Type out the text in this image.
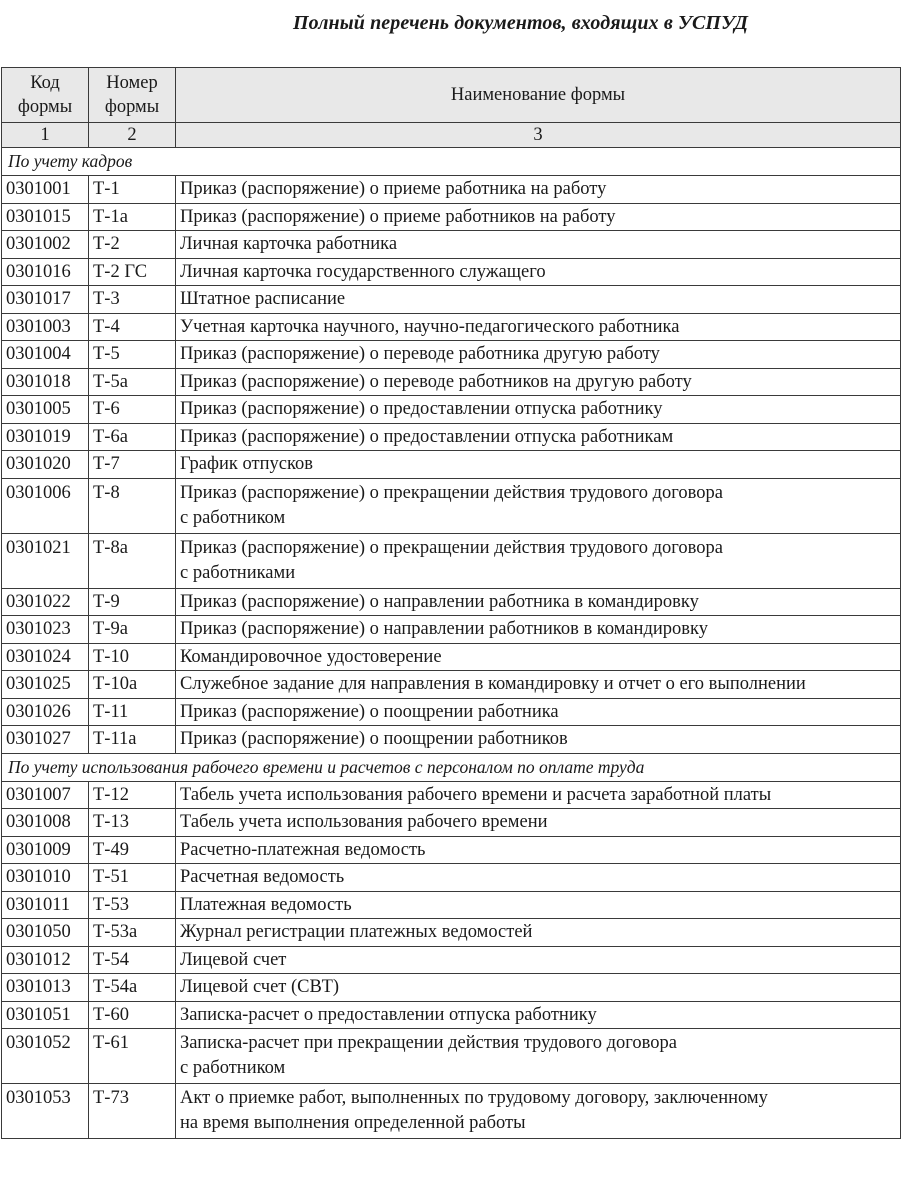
Полный перечень документов, входящих в УСПУД
Код формы	Номер формы	Наименование формы
1	2	3
По учету кадров		
0301001	Т-1	Приказ (распоряжение) о приеме работника на работу

0301015	Т-1а	Приказ (распоряжение) о приеме работников на работу

0301002	Т-2	Личная карточка работника

0301016	Т-2 ГС	Личная карточка государственного служащего

0301017	Т-3	Штатное расписание

0301003	Т-4	Учетная карточка научного, научно-педагогического работника

0301004	Т-5	Приказ (распоряжение) о переводе работника другую работу

0301018	Т-5а	Приказ (распоряжение) о переводе работников на другую работу

0301005	Т-6	Приказ (распоряжение) о предоставлении отпуска работнику

0301019	Т-6а	Приказ (распоряжение) о предоставлении отпуска работникам

0301020	Т-7	График отпусков

0301006	Т-8	Приказ (распоряжение) о прекращении действия трудового договора
с работником

0301021	Т-8а	Приказ (распоряжение) о прекращении действия трудового договора
с работниками

0301022	Т-9	Приказ (распоряжение) о направлении работника в командировку

0301023	Т-9а	Приказ (распоряжение) о направлении работников в командировку

0301024	Т-10	Командировочное удостоверение

0301025	Т-10а	Служебное задание для направления в командировку и отчет о его выполнении

0301026	Т-11	Приказ (распоряжение) о поощрении работника

0301027	Т-11а	Приказ (распоряжение) о поощрении работников

По учету использования рабочего времени и расчетов с персоналом по оплате труда		
0301007	Т-12	Табель учета использования рабочего времени и расчета заработной платы

0301008	Т-13	Табель учета использования рабочего времени

0301009	Т-49	Расчетно-платежная ведомость

0301010	Т-51	Расчетная ведомость

0301011	Т-53	Платежная ведомость

0301050	Т-53а	Журнал регистрации платежных ведомостей

0301012	Т-54	Лицевой счет

0301013	Т-54а	Лицевой счет (СВТ)

0301051	Т-60	Записка-расчет о предоставлении отпуска работнику

0301052	Т-61	Записка-расчет при прекращении действия трудового договора
с работником

0301053	Т-73	Акт о приемке работ, выполненных по трудовому договору, заключенному
на время выполнения определенной работы
